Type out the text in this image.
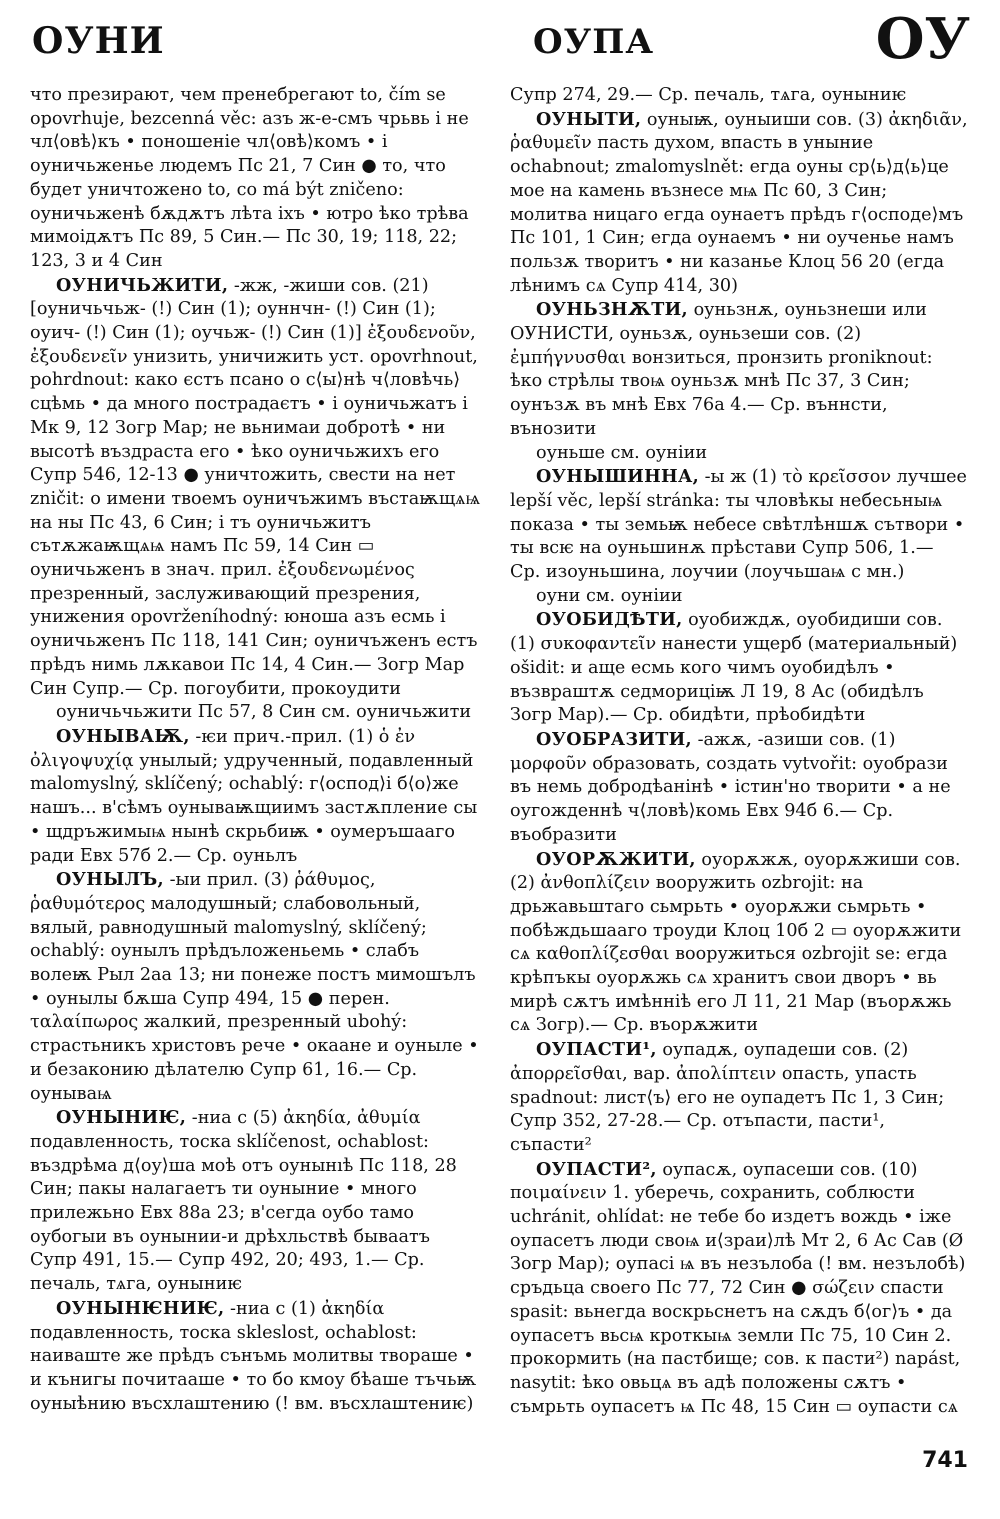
ОУНИ	ОУПА	ОУ

что презирают, чем пренебрегают to, čím se opovrhuje, bezcenná věc: азъ ж-е-смъ чрьвь і не чл⟨овѣ⟩къ • поношеніе чл⟨овѣ⟩комъ • і оуничьженье людемъ Пс 21, 7 Син ● то, что будет уничтожено to, co má být zničeno: оуничьженѣ бѫдѫтъ лѣта іхъ • ютро ѣко трѣва мимоідѫтъ Пс 89, 5 Син.— Пс 30, 19; 118, 22; 123, 3 и 4 Син

ОУНИЧЬЖИТИ, -жж, -жиши сов. (21) [оуничьчьж- (!) Син (1); оуннчн- (!) Син (1); оуич- (!) Син (1); оучьж- (!) Син (1)] ἐξουδενοῦν, ἐξουδενεῖν унизить, уничижить уст. opovrhnout, pohrdnout: како єстъ псано о с⟨ы⟩нѣ ч⟨ловѣчь⟩сцѣмь • да много пострадаєтъ • і оуничьжатъ і Мк 9, 12 Зогр Мар; не вьнимаи добротѣ • ни высотѣ въздраста его • ѣко оуничьжихъ его Супр 546, 12-13 ● уничтожить, свести на нет zničit: о имени твоемъ оуничъжимъ въстаѭщѧѩ на ны Пс 43, 6 Син; і тъ оуничьжитъ сътѫжаѭщѧѩ намъ Пс 59, 14 Син ▭ оуничьженъ в знач. прил. ἐξουδενωμένος презренный, заслуживающий презрения, унижения opovrženíhodný: юноша азъ есмь і оуничьженъ Пс 118, 141 Син; оуничъженъ естъ прѣдъ нимь лѫкавои Пс 14, 4 Син.— Зогр Мар Син Супр.— Ср. погоубити, прокоудити

оуничьчьжити Пс 57, 8 Син см. оуничьжити

ОУНЫВАѬ, -ѥи прич.-прил. (1) ὁ ἐν ὀλιγοψυχίᾳ унылый; удрученный, подавленный malomyslný, sklíčený; ochablý: г⟨оспод⟩і б⟨о⟩же нашъ... в'сѣмъ оунываѭщиимъ застѫпление сы • щдръжимыѩ нынѣ скрьбиѭ • оумеръшааго ради Евх 57б 2.— Ср. оуньлъ

ОУНЫЛЪ, -ыи прил. (3) ῥάθυμος, ῥαθυμότερος малодушный; слабовольный, вялый, равнодушный malomyslný, sklíčený; ochablý: оунылъ прѣдъложеньемь • слабъ волеѭ Рыл 2аа 13; ни понеже постъ мимошълъ • оунылы бѫша Супр 494, 15 ● перен. ταλαίπωρος жалкий, презренный ubohý: страстьникъ христовъ рече • окаане и оуныле • и безаконию дѣлателю Супр 61, 16.— Ср. оунываѩ

ОУНЫНИѤ, -ниа с (5) ἀκηδία, ἀθυμία подавленность, тоска sklíčenost, ochablost: въздрѣма д⟨оу⟩ша моѣ отъ оунынıѣ Пс 118, 28 Син; пакы налагаетъ ти оуныние • много прилежьно Евх 88а 23; в'сегда оубо тамо оубогыи въ оунынии-и дрѣхльствѣ бываатъ Супр 491, 15.— Супр 492, 20; 493, 1.— Ср. печаль, тѧга, оуныниѥ

ОУНЫНѤНИѤ, -ниа с (1) ἀκηδία подавленность, тоска skleslost, ochablost: наиваште же прѣдъ сънъмь молитвы твораше • и кънигы почитааше • то бо кмоу бѣаше тъчьѭ оуныѣнию въсхлаштению (! вм. въсхлаштениѥ)

Супр 274, 29.— Ср. печаль, тѧга, оуныниѥ

ОУНЫТИ, оуныѭ, оуныиши сов. (3) ἀκηδιᾶν, ῥαθυμεῖν пасть духом, впасть в уныние ochabnout; zmalomyslnět: егда оуны ср⟨ь⟩д⟨ь⟩це мое на камень възнесе мѩ Пс 60, 3 Син; молитва ницаго егда оунаетъ прѣдъ г⟨осподе⟩мъ Пс 101, 1 Син; егда оунаемъ • ни оученье намъ пользѫ творитъ • ни казанье Клоц 56 20 (егда лѣнимъ сѧ Супр 414, 30)

ОУНЬЗНѪТИ, оуньзнѫ, оуньзнеши или ОУНИСТИ, оуньзѫ, оуньзеши сов. (2) ἐμπήγνυσθαι вонзиться, пронзить proniknout: ѣко стрѣлы твоѩ оуньзѫ мнѣ Пс 37, 3 Син; оунъзѫ въ мнѣ Евх 76а 4.— Ср. въннсти, вънозити

оуньше см. оуніии

ОУНЫШИННА, -ы ж (1) τὸ κρεῖσσον лучшее lepší věc, lepší stránka: ты чловѣкы небесьныѩ показа • ты земьѭ небесе свѣтлѣншѫ сътвори • ты всѥ на оуньшинѫ прѣстави Супр 506, 1.— Ср. изоуньшина, лоучии (лоучьшаѩ с мн.)

оуни см. оуніии

ОУОБИДѢТИ, оуобиждѫ, оуобидиши сов. (1) συκοφαντεῖν нанести ущерб (материальный) ošidit: и аще есмь кого чимъ оуобидѣлъ • възвраштѫ седмориціѭ Л 19, 8 Ас (обидѣлъ Зогр Мар).— Ср. обидѣти, прѣобидѣти

ОУОБРАЗИТИ, -ажѫ, -азиши сов. (1) μορφοῦν образовать, создать vytvořit: оуобрази въ немь добродѣанінѣ • істин'но творити • а не оугожденнѣ ч⟨ловѣ⟩комь Евх 94б 6.— Ср. въобразити

ОУОРѪЖИТИ, оуорѫжѫ, оуорѫжиши сов. (2) ἀνθοπλίζειν вооружить ozbrojit: на дрьжавьштаго сьмрьть • оуорѫжи сьмрьть • побѣждьшааго троуди Клоц 10б 2 ▭ оуорѫжити сѧ καθοπλίζεσθαι вооружиться ozbrojit se: егда крѣпъкы оуорѫжь сѧ хранитъ свои дворъ • вь мирѣ сѫтъ имѣнніѣ его Л 11, 21 Мар (въорѫжь сѧ Зогр).— Ср. въорѫжити

ОУПАСТИ¹, оупадѫ, оупадеши сов. (2) ἀπορρεῖσθαι, вар. ἀπολίπτειν опасть, упасть spadnout: лист⟨ъ⟩ его не оупадетъ Пс 1, 3 Син; Супр 352, 27-28.— Ср. отъпасти, пасти¹, съпасти²

ОУПАСТИ², оупасѫ, оупасеши сов. (10) ποιμαίνειν 1. уберечь, сохранить, соблюсти uchránit, ohlídat: не тебе бо издетъ вождь • іже оупасетъ люди своѩ и⟨зраи⟩лѣ Мт 2, 6 Ас Сав (Ø Зогр Мар); оупасі ѩ въ незълоба (! вм. незълобѣ) сръдьца своего Пс 77, 72 Син ● σώζειν спасти spasit: вьнегда воскрьснетъ на сѫдъ б⟨ог⟩ъ • да оупасетъ вьсѩ кроткыѩ земли Пс 75, 10 Син 2. прокормить (на пастбище; сов. к пасти²) napást, nasytit: ѣко овьцѧ въ адѣ положены сѫтъ • съмрьть оупасетъ ѩ Пс 48, 15 Син ▭ оупасти сѧ

741
